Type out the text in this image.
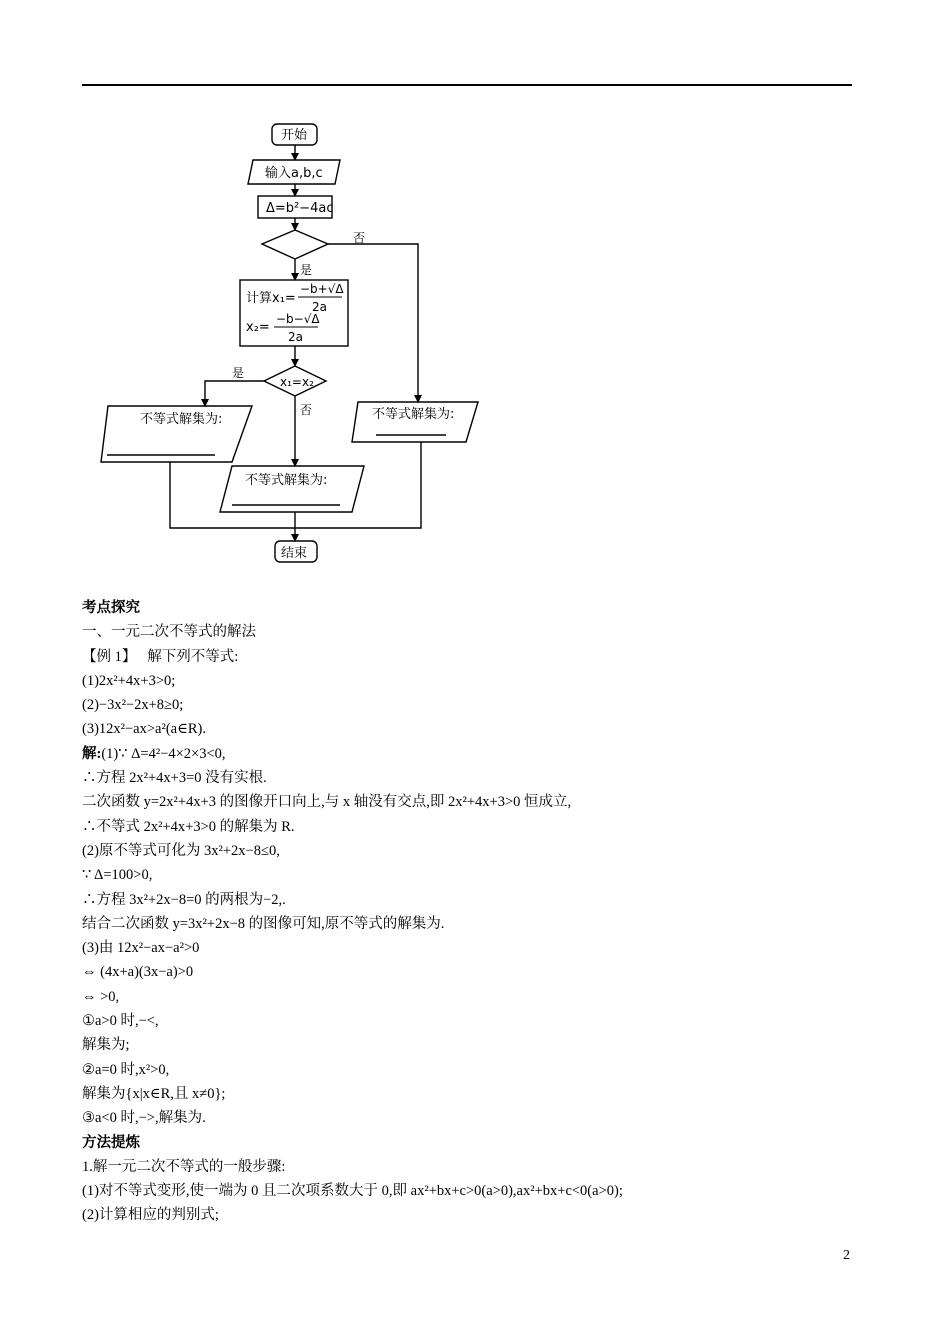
开始
输入a,b,c
Δ=b²−4ac
否
是
计算 x₁=
−b+√Δ
2a
x₂=
−b−√Δ
2a
x₁=x₂
是
否
不等式解集为:
不等式解集为:
不等式解集为:
结束
考点探究
一、一元二次不等式的解法
【例 1】 解下列不等式:
(1)2x²+4x+3>0;
(2)−3x²−2x+8≥0;
(3)12x²−ax>a²(a∈R).
解:(1)∵ Δ=4²−4×2×3<0,
∴方程 2x²+4x+3=0 没有实根.
二次函数 y=2x²+4x+3 的图像开口向上,与 x 轴没有交点,即 2x²+4x+3>0 恒成立,
∴不等式 2x²+4x+3>0 的解集为 R.
(2)原不等式可化为 3x²+2x−8≤0,
∵ Δ=100>0,
∴方程 3x²+2x−8=0 的两根为−2,.
结合二次函数 y=3x²+2x−8 的图像可知,原不等式的解集为.
(3)由 12x²−ax−a²>0
⇔ (4x+a)(3x−a)>0
⇔ >0,
①a>0 时,−<,
解集为;
②a=0 时,x²>0,
解集为{x|x∈R,且 x≠0};
③a<0 时,−>,解集为.
方法提炼
1.解一元二次不等式的一般步骤:
(1)对不等式变形,使一端为 0 且二次项系数大于 0,即 ax²+bx+c>0(a>0),ax²+bx+c<0(a>0);
(2)计算相应的判别式;
2
